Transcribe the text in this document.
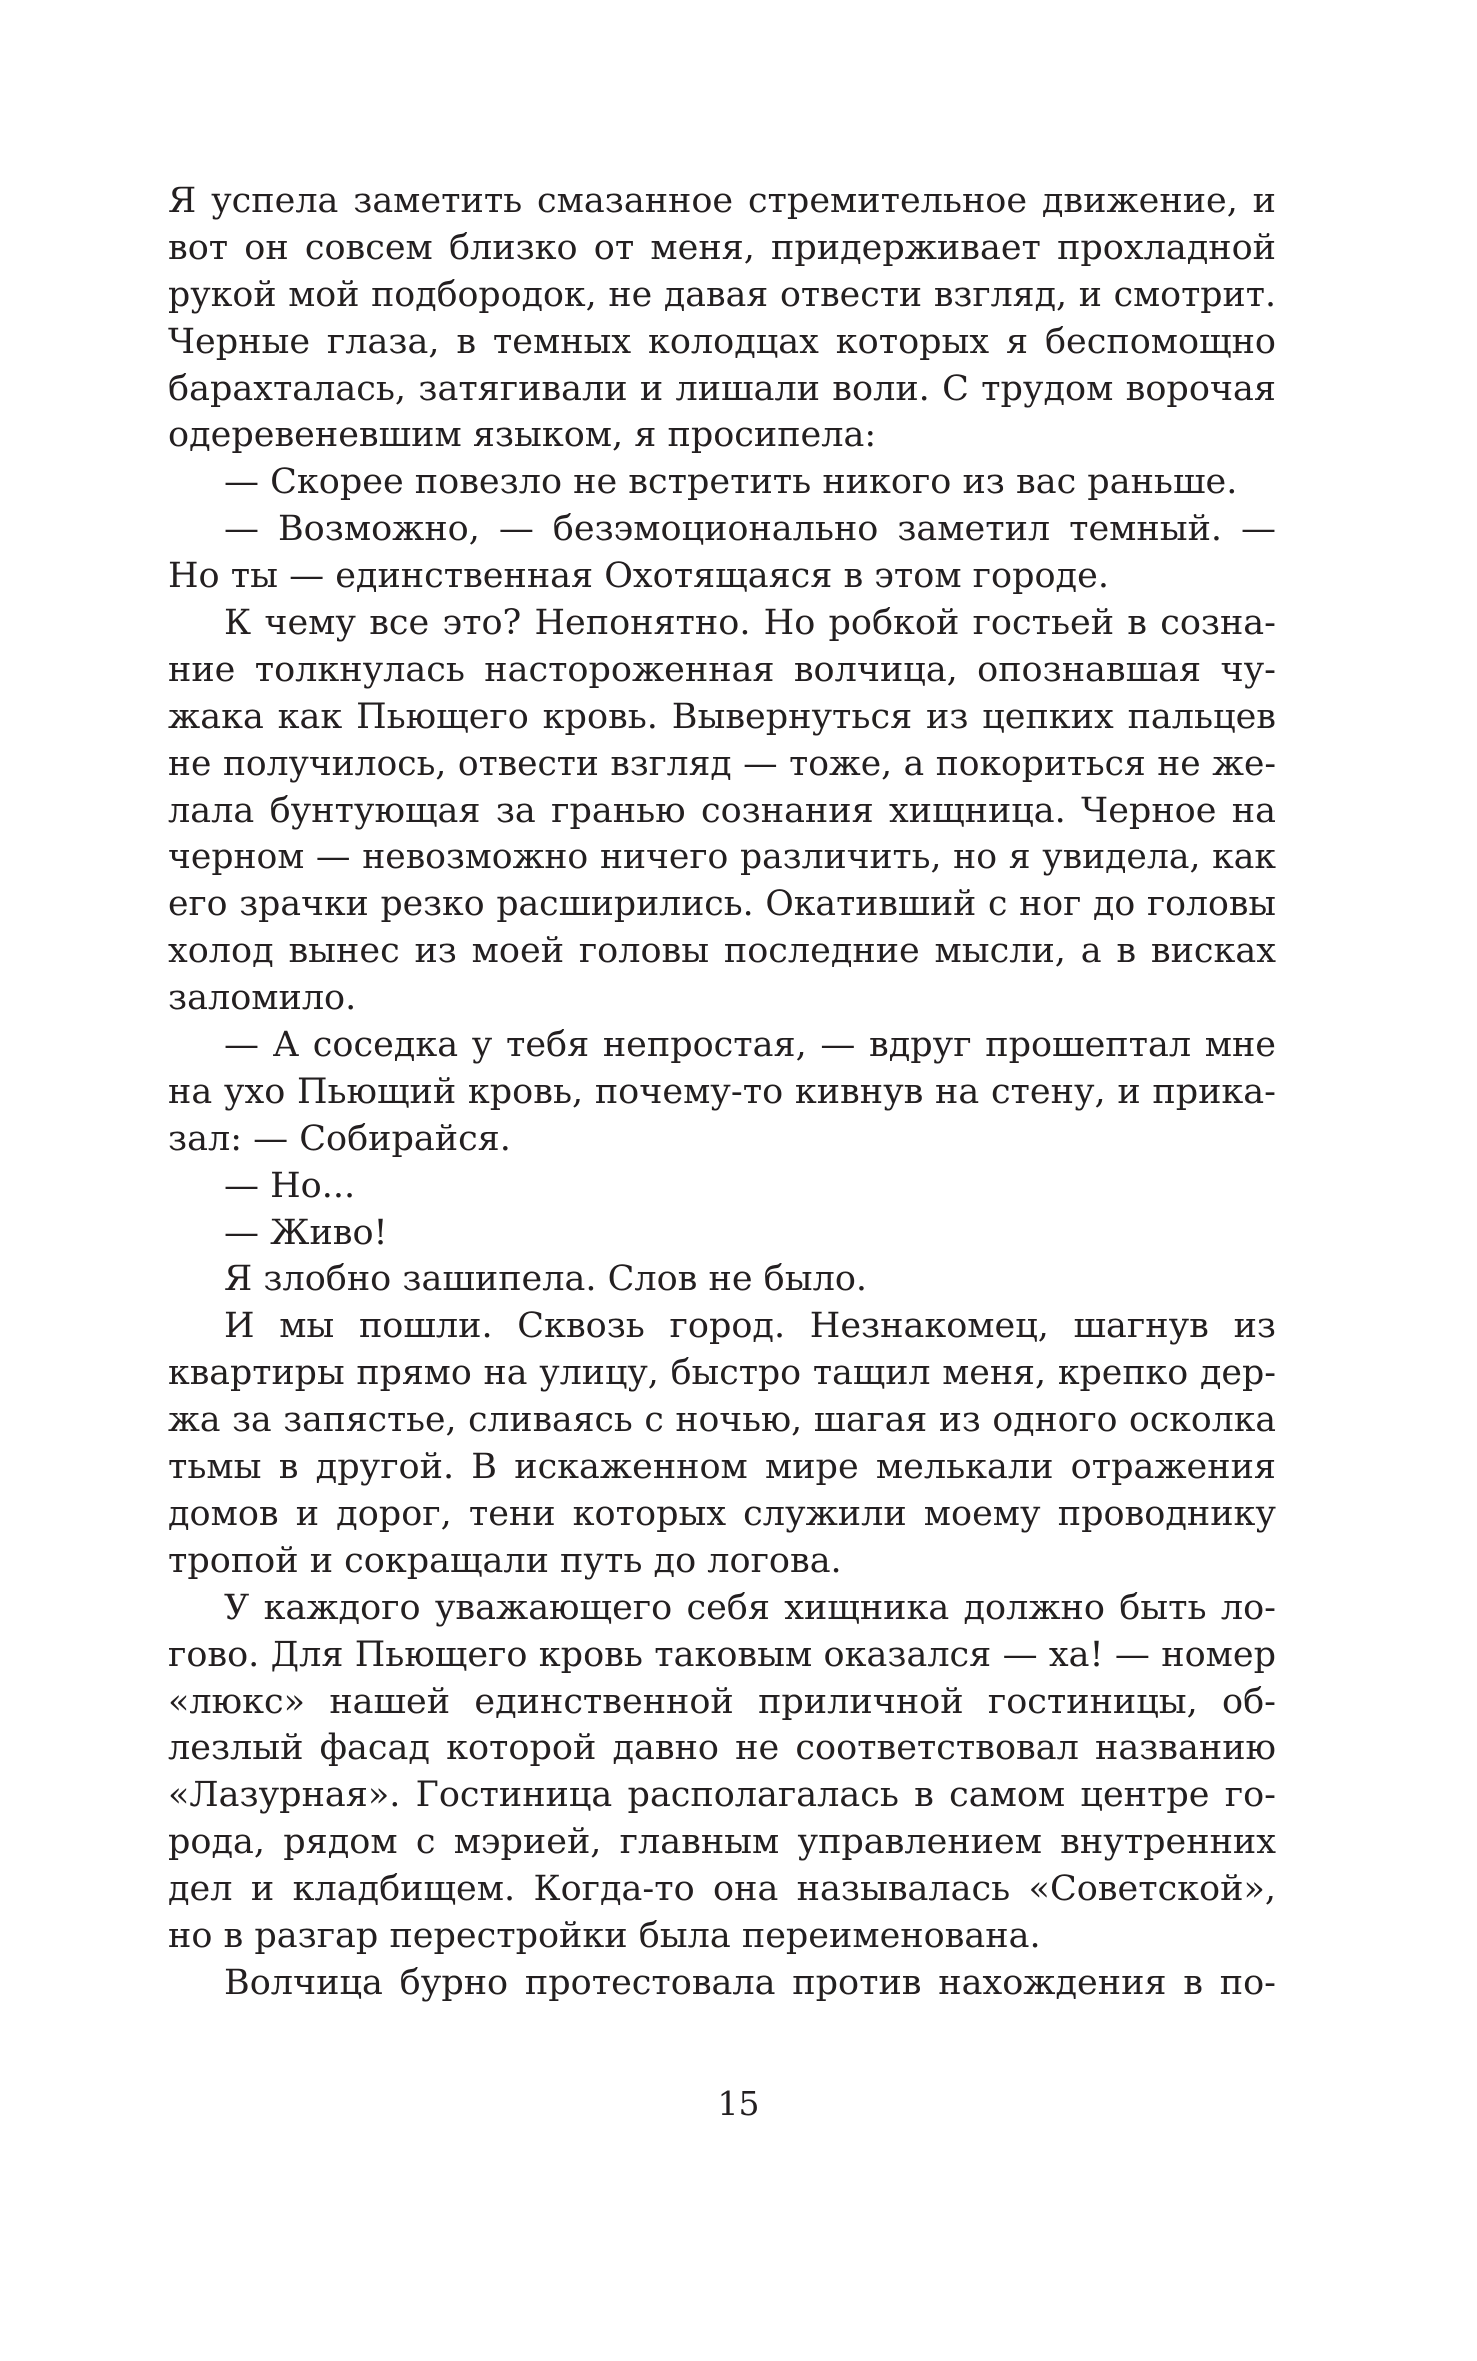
Я успела заметить смазанное стремительное движение, и
вот он совсем близко от меня, придерживает прохладной
рукой мой подбородок, не давая отвести взгляд, и смотрит.
Черные глаза, в темных колодцах которых я беспомощно
барахталась, затягивали и лишали воли. С трудом ворочая
одеревеневшим языком, я просипела:
— Скорее повезло не встретить никого из вас раньше.
— Возможно, — безэмоционально заметил темный. —
Но ты — единственная Охотящаяся в этом городе.
К чему все это? Непонятно. Но робкой гостьей в созна-
ние толкнулась настороженная волчица, опознавшая чу-
жака как Пьющего кровь. Вывернуться из цепких пальцев
не получилось, отвести взгляд — тоже, а покориться не же-
лала бунтующая за гранью сознания хищница. Черное на
черном — невозможно ничего различить, но я увидела, как
его зрачки резко расширились. Окативший с ног до головы
холод вынес из моей головы последние мысли, а в висках
заломило.
— А соседка у тебя непростая, — вдруг прошептал мне
на ухо Пьющий кровь, почему-то кивнув на стену, и прика-
зал: — Собирайся.
— Но...
— Живо!
Я злобно зашипела. Слов не было.
И мы пошли. Сквозь город. Незнакомец, шагнув из
квартиры прямо на улицу, быстро тащил меня, крепко дер-
жа за запястье, сливаясь с ночью, шагая из одного осколка
тьмы в другой. В искаженном мире мелькали отражения
домов и дорог, тени которых служили моему проводнику
тропой и сокращали путь до логова.
У каждого уважающего себя хищника должно быть ло-
гово. Для Пьющего кровь таковым оказался — ха! — номер
«люкс» нашей единственной приличной гостиницы, об-
лезлый фасад которой давно не соответствовал названию
«Лазурная». Гостиница располагалась в самом центре го-
рода, рядом с мэрией, главным управлением внутренних
дел и кладбищем. Когда-то она называлась «Советской»,
но в разгар перестройки была переименована.
Волчица бурно протестовала против нахождения в по-
15
